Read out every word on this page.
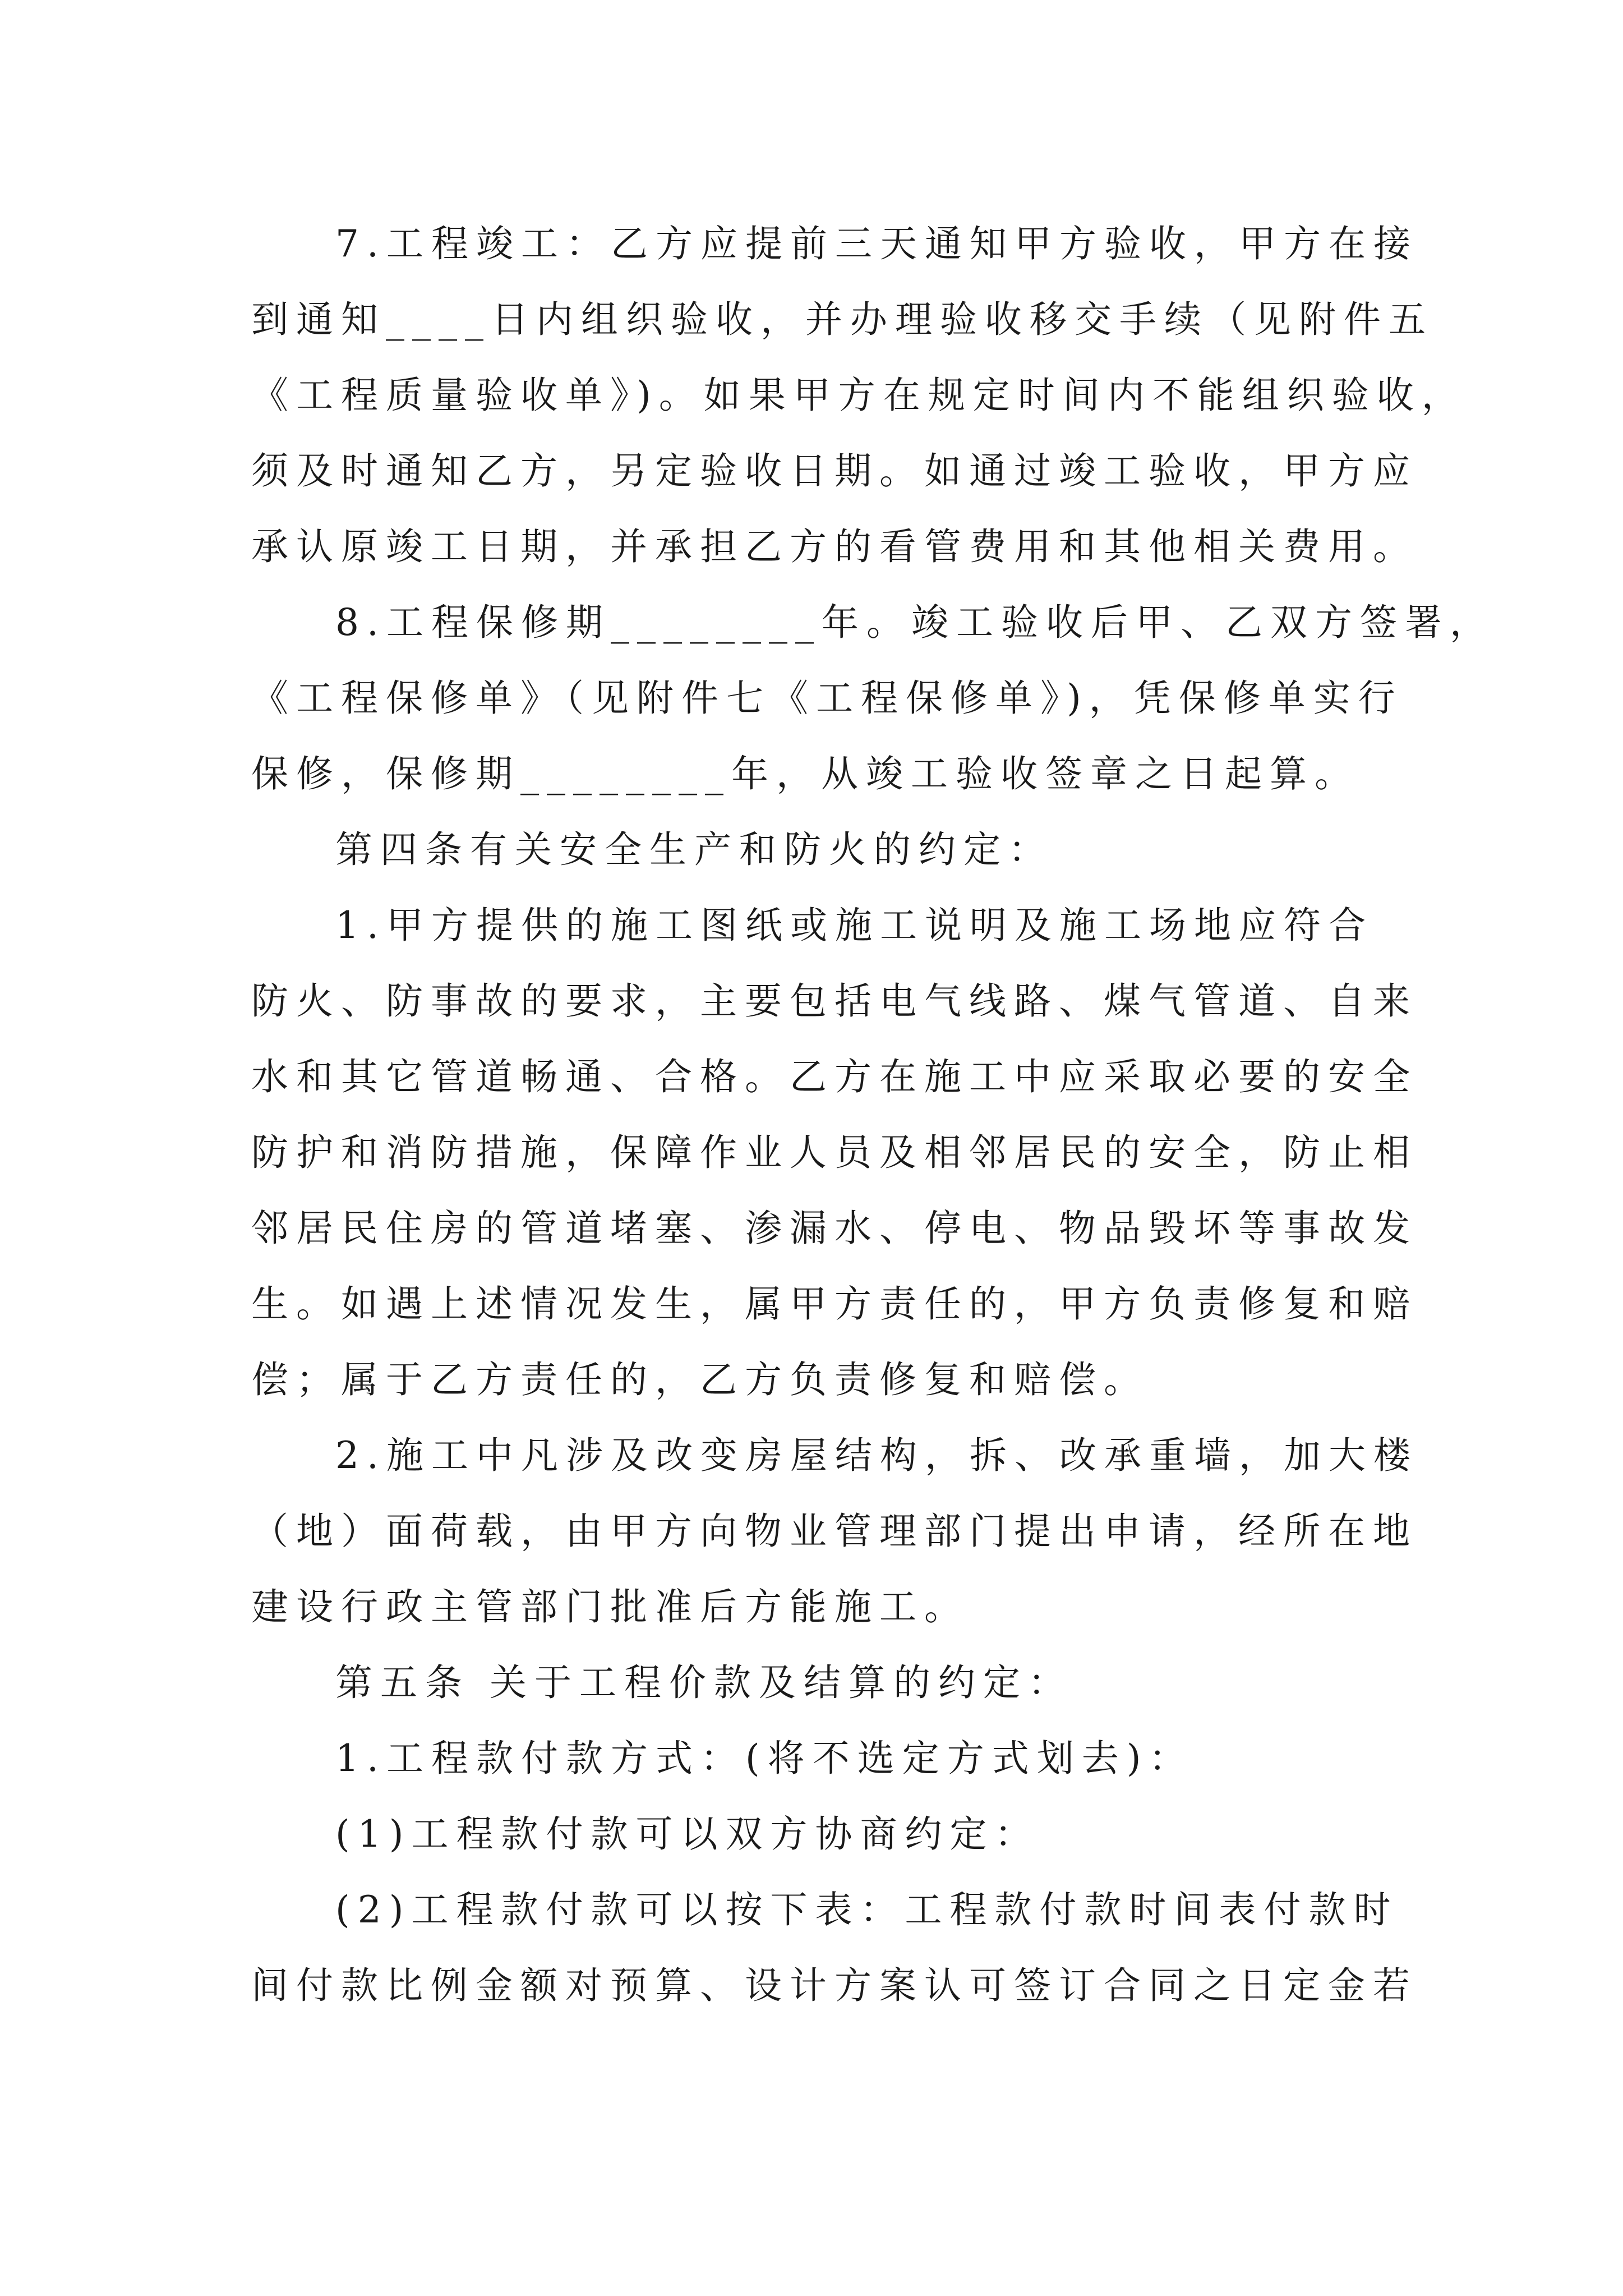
7.工程竣工：乙方应提前三天通知甲方验收，甲方在接
到通知____日内组织验收，并办理验收移交手续（见附件五
《工程质量验收单》)。如果甲方在规定时间内不能组织验收，
须及时通知乙方，另定验收日期。如通过竣工验收，甲方应
承认原竣工日期，并承担乙方的看管费用和其他相关费用。
8.工程保修期________年。竣工验收后甲、乙双方签署，
《工程保修单》（见附件七《工程保修单》)，凭保修单实行
保修，保修期________年，从竣工验收签章之日起算。
第四条有关安全生产和防火的约定：
1.甲方提供的施工图纸或施工说明及施工场地应符合
防火、防事故的要求，主要包括电气线路、煤气管道、自来
水和其它管道畅通、合格。乙方在施工中应采取必要的安全
防护和消防措施，保障作业人员及相邻居民的安全，防止相
邻居民住房的管道堵塞、渗漏水、停电、物品毁坏等事故发
生。如遇上述情况发生，属甲方责任的，甲方负责修复和赔
偿；属于乙方责任的，乙方负责修复和赔偿。
2.施工中凡涉及改变房屋结构，拆、改承重墙，加大楼
（地）面荷载，由甲方向物业管理部门提出申请，经所在地
建设行政主管部门批准后方能施工。
第五条 关于工程价款及结算的约定：
1.工程款付款方式：(将不选定方式划去)：
(1)工程款付款可以双方协商约定：
(2)工程款付款可以按下表：工程款付款时间表付款时
间付款比例金额对预算、设计方案认可签订合同之日定金若
